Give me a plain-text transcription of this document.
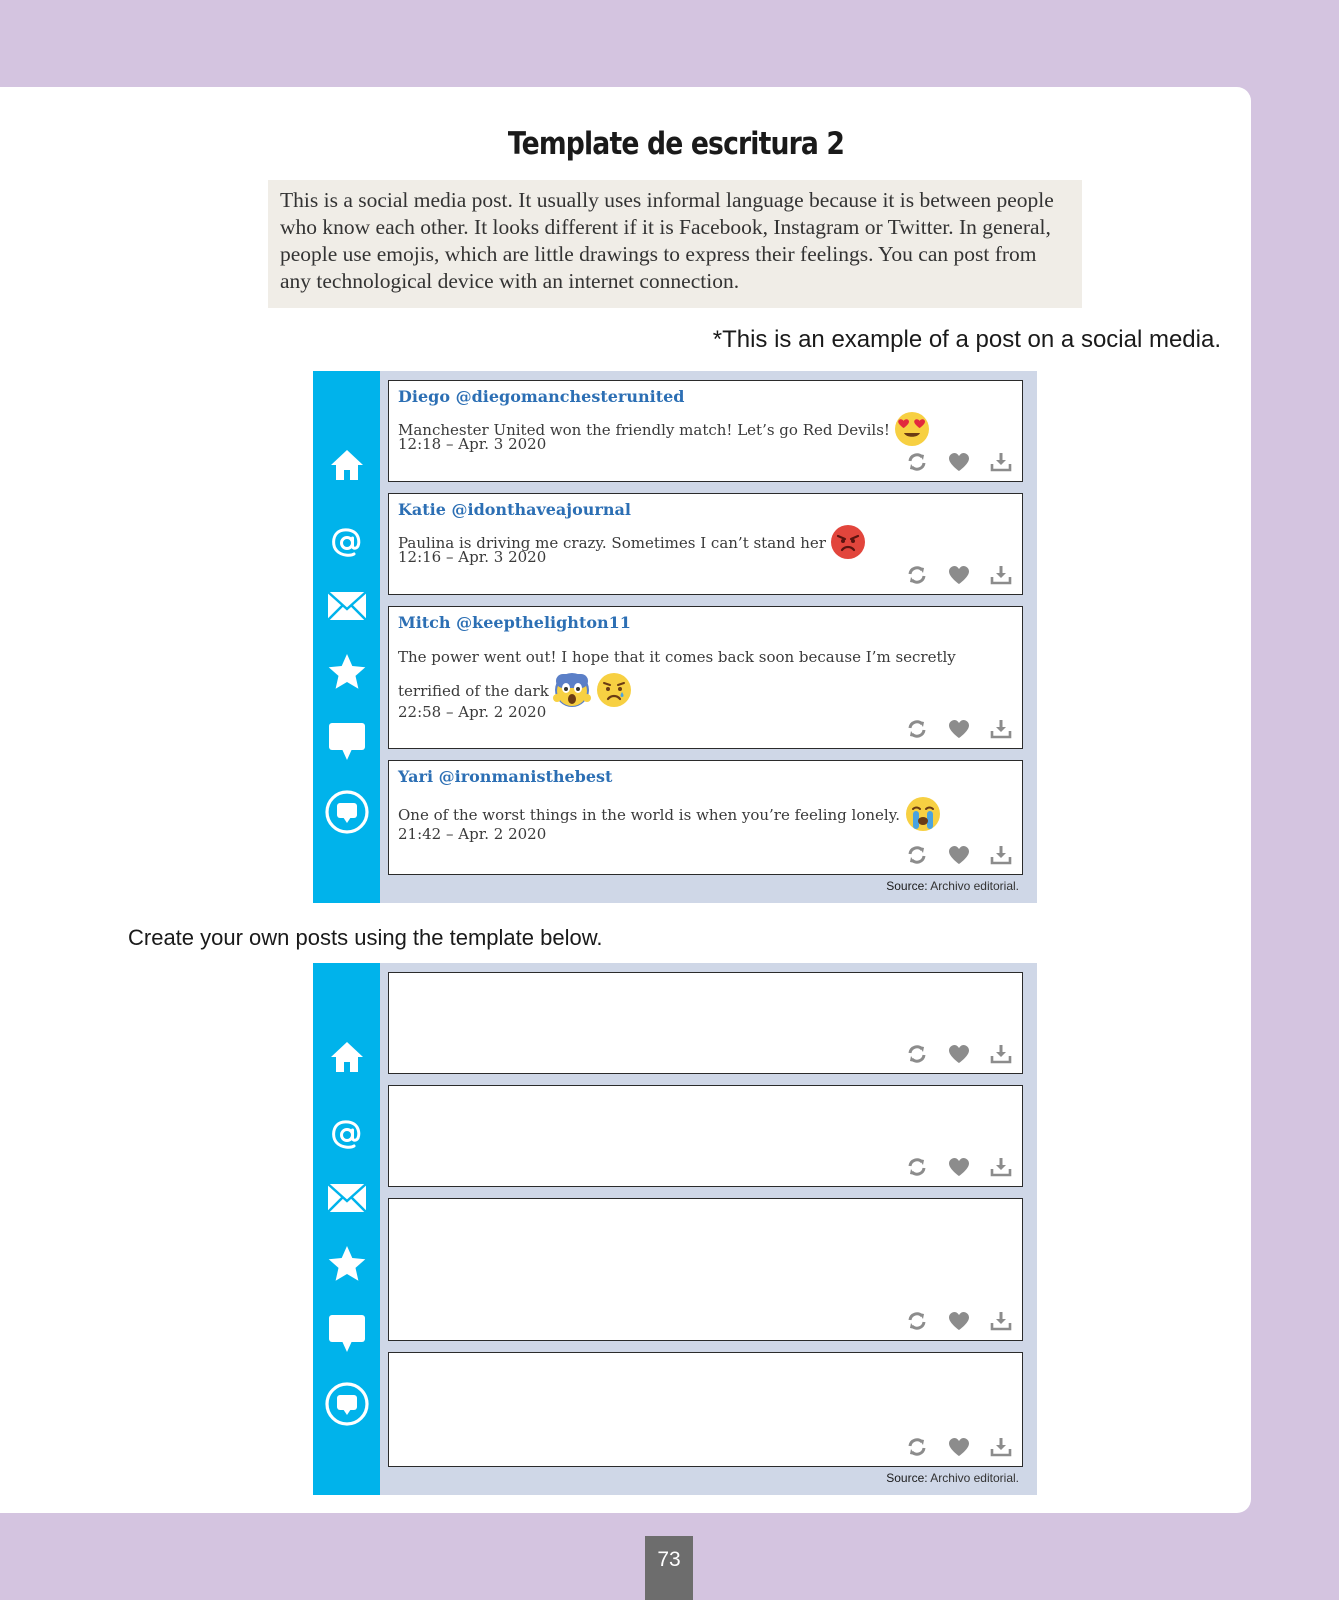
Template de escritura 2
This is a social media post. It usually uses informal language because it is between people who know each other. It looks different if it is Facebook, Instagram or Twitter. In general, people use emojis, which are little drawings to express their feelings. You can post from any technological device with an internet connection.
*This is an example of a post on a social media.
Diego @diegomanchesterunited
Manchester United won the friendly match! Let’s go Red Devils!
12:18 – Apr. 3 2020
Katie @idonthaveajournal
Paulina is driving me crazy. Sometimes I can’t stand her
12:16 – Apr. 3 2020
Mitch @keepthelighton11
The power went out! I hope that it comes back soon because I’m secretly
terrified of the dark
22:58 – Apr. 2 2020
Yari @ironmanisthebest
One of the worst things in the world is when you’re feeling lonely.
21:42 – Apr. 2 2020
Source: Archivo editorial.
Create your own posts using the template below.
Source: Archivo editorial.
73
